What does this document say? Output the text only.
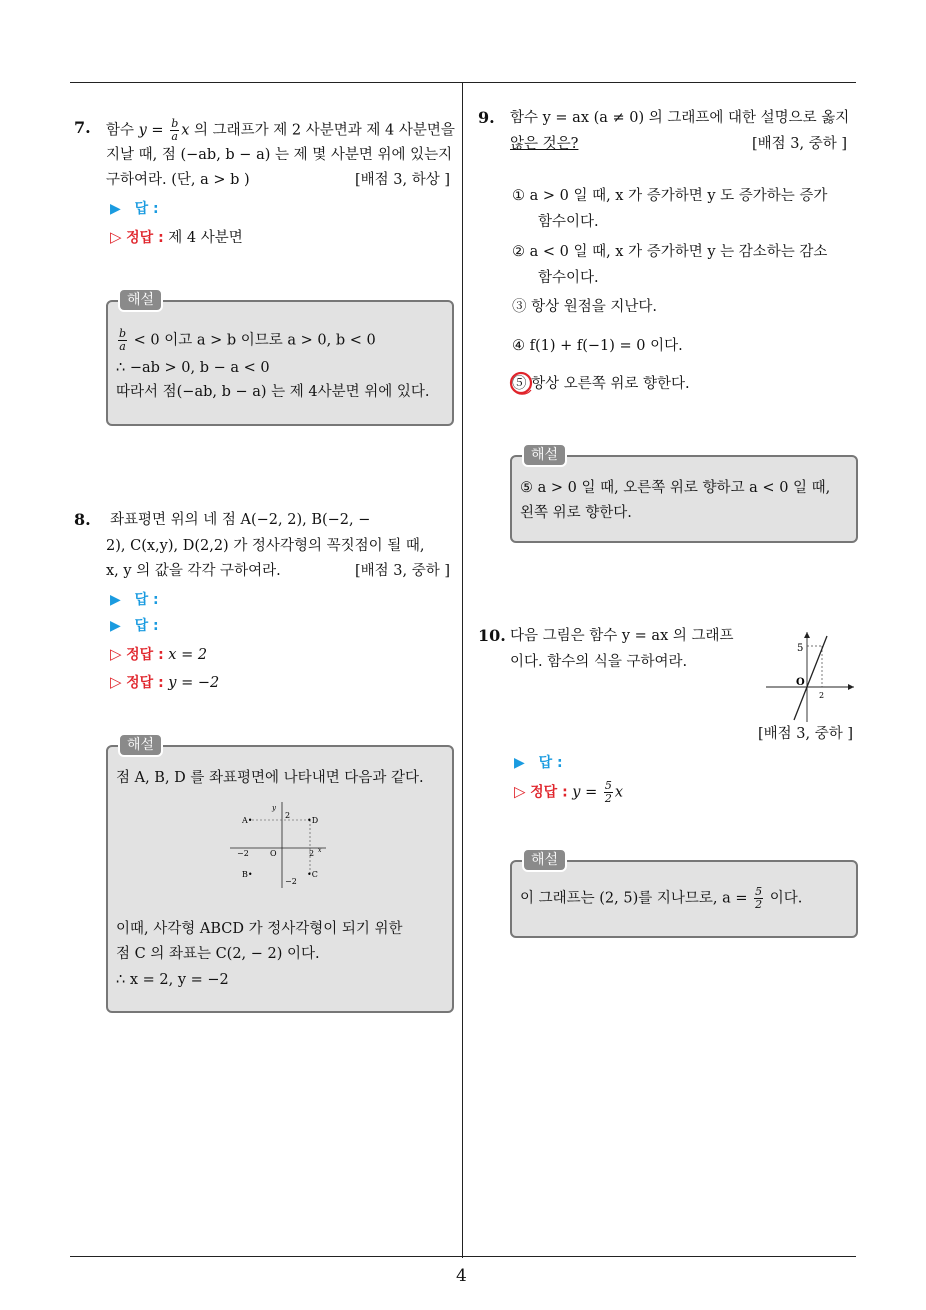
4
7. 함수 $y = \frac{b}{a}$ x 의 그래프가 제 2 사분면과 제 4 사분면을
지날 때, 점 (−ab, b − a) 는 제 몇 사분면 위에 있는지
구하여라. (단, a > b )	[배점 3, 하상 ]
▶ 답 :
▷ 정답 : 제 4 사분면
해설
$\frac{b}{a} < 0$ 이고 a > b 이므로 a > 0, b < 0
∴ −ab > 0, b − a < 0
따라서 점(−ab, b − a) 는 제 4사분면 위에 있다.
8. 좌표평면 위의 네 점 A(−2, 2), B(−2, −
2), C(x,y), D(2,2) 가 정사각형의 꼭짓점이 될 때,
x, y 의 값을 각각 구하여라.	[배점 3, 중하 ]
▶ 답 :
▶ 답 :
▷ 정답 : x = 2
▷ 정답 : y = −2
해설
점 A, B, D 를 좌표평면에 나타내면 다음과 같다.
y
A•
2
•D
−2	O	2 x
B•
−2
•C
이때, 사각형 ABCD 가 정사각형이 되기 위한
점 C 의 좌표는 C(2, − 2) 이다.
∴ x = 2, y = −2
9. 함수 y = ax (a ≠ 0) 의 그래프에 대한 설명으로 옳지
않은 것은?	[배점 3, 중하 ]
① a > 0 일 때, x 가 증가하면 y 도 증가하는 증가
함수이다.
② a < 0 일 때, x 가 증가하면 y 는 감소하는 감소
함수이다.
③ 항상 원점을 지난다.
④ f(1) + f(−1) = 0 이다.
⑤ 항상 오른쪽 위로 향한다.
해설
⑤ a > 0 일 때, 오른쪽 위로 향하고 a < 0 일 때,
왼쪽 위로 향한다.
10. 다음 그림은 함수 y = ax 의 그래프
이다. 함수의 식을 구하여라.
5
O
2
[배점 3, 중하 ]
▶ 답 :
▷ 정답 : $y = \frac{5}{2}$ x
해설
이 그래프는 (2, 5)를 지나므로, $a = \frac{5}{2}$ 이다.
